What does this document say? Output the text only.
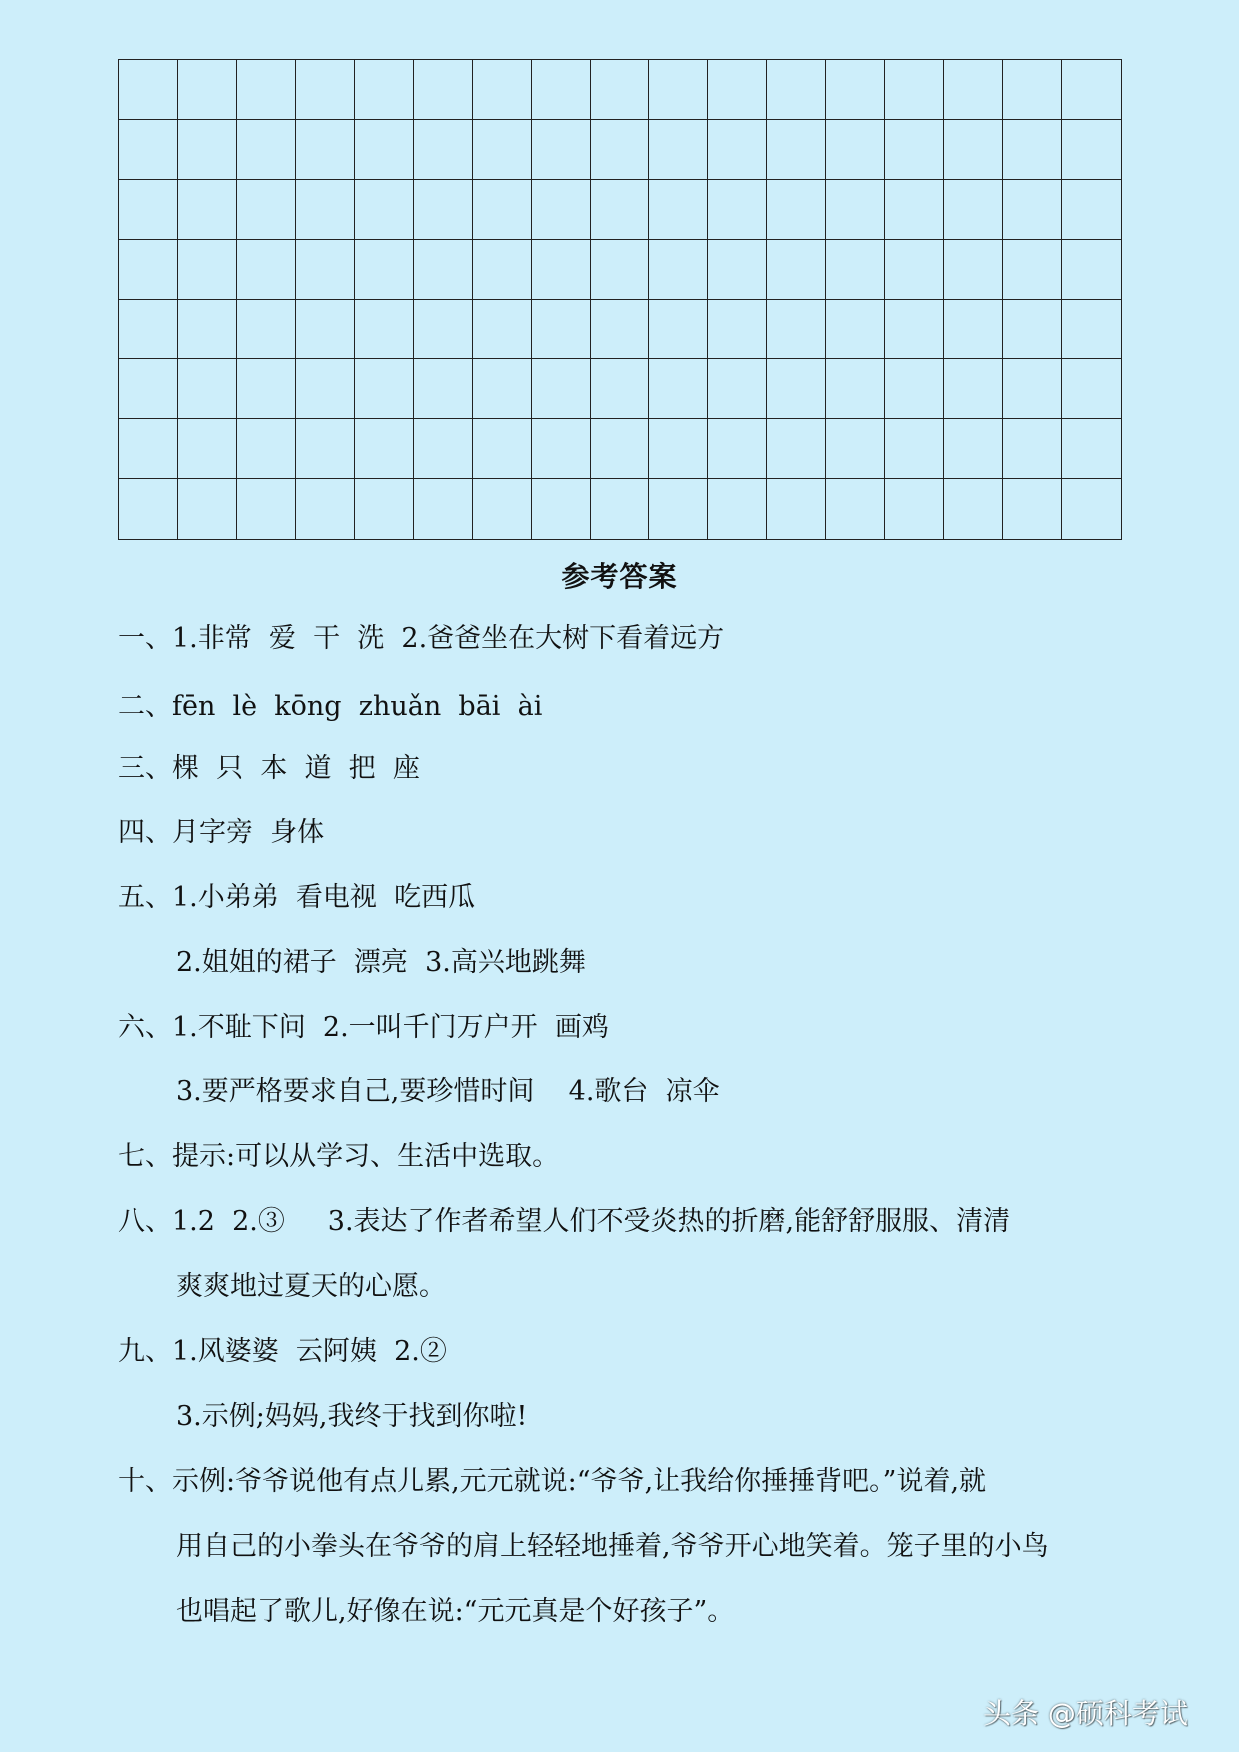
参考答案
一、1.非常  爱  干  洗  2.爸爸坐在大树下看着远方
二、fēn  lè  kōng  zhuǎn  bāi  ài
三、棵  只  本  道  把  座
四、月字旁  身体
五、1.小弟弟  看电视  吃西瓜
2.姐姐的裙子  漂亮  3.高兴地跳舞
六、1.不耻下问  2.一叫千门万户开  画鸡
3.要严格要求自己,要珍惜时间    4.歌台  凉伞
七、提示:可以从学习、生活中选取。
八、1.2  2.③     3.表达了作者希望人们不受炎热的折磨,能舒舒服服、清清
爽爽地过夏天的心愿。
九、1.风婆婆  云阿姨  2.②
3.示例;妈妈,我终于找到你啦!
十、示例:爷爷说他有点儿累,元元就说:“爷爷,让我给你捶捶背吧。”说着,就
用自己的小拳头在爷爷的肩上轻轻地捶着,爷爷开心地笑着。笼子里的小鸟
也唱起了歌儿,好像在说:“元元真是个好孩子”。
头条 @硕科考试
